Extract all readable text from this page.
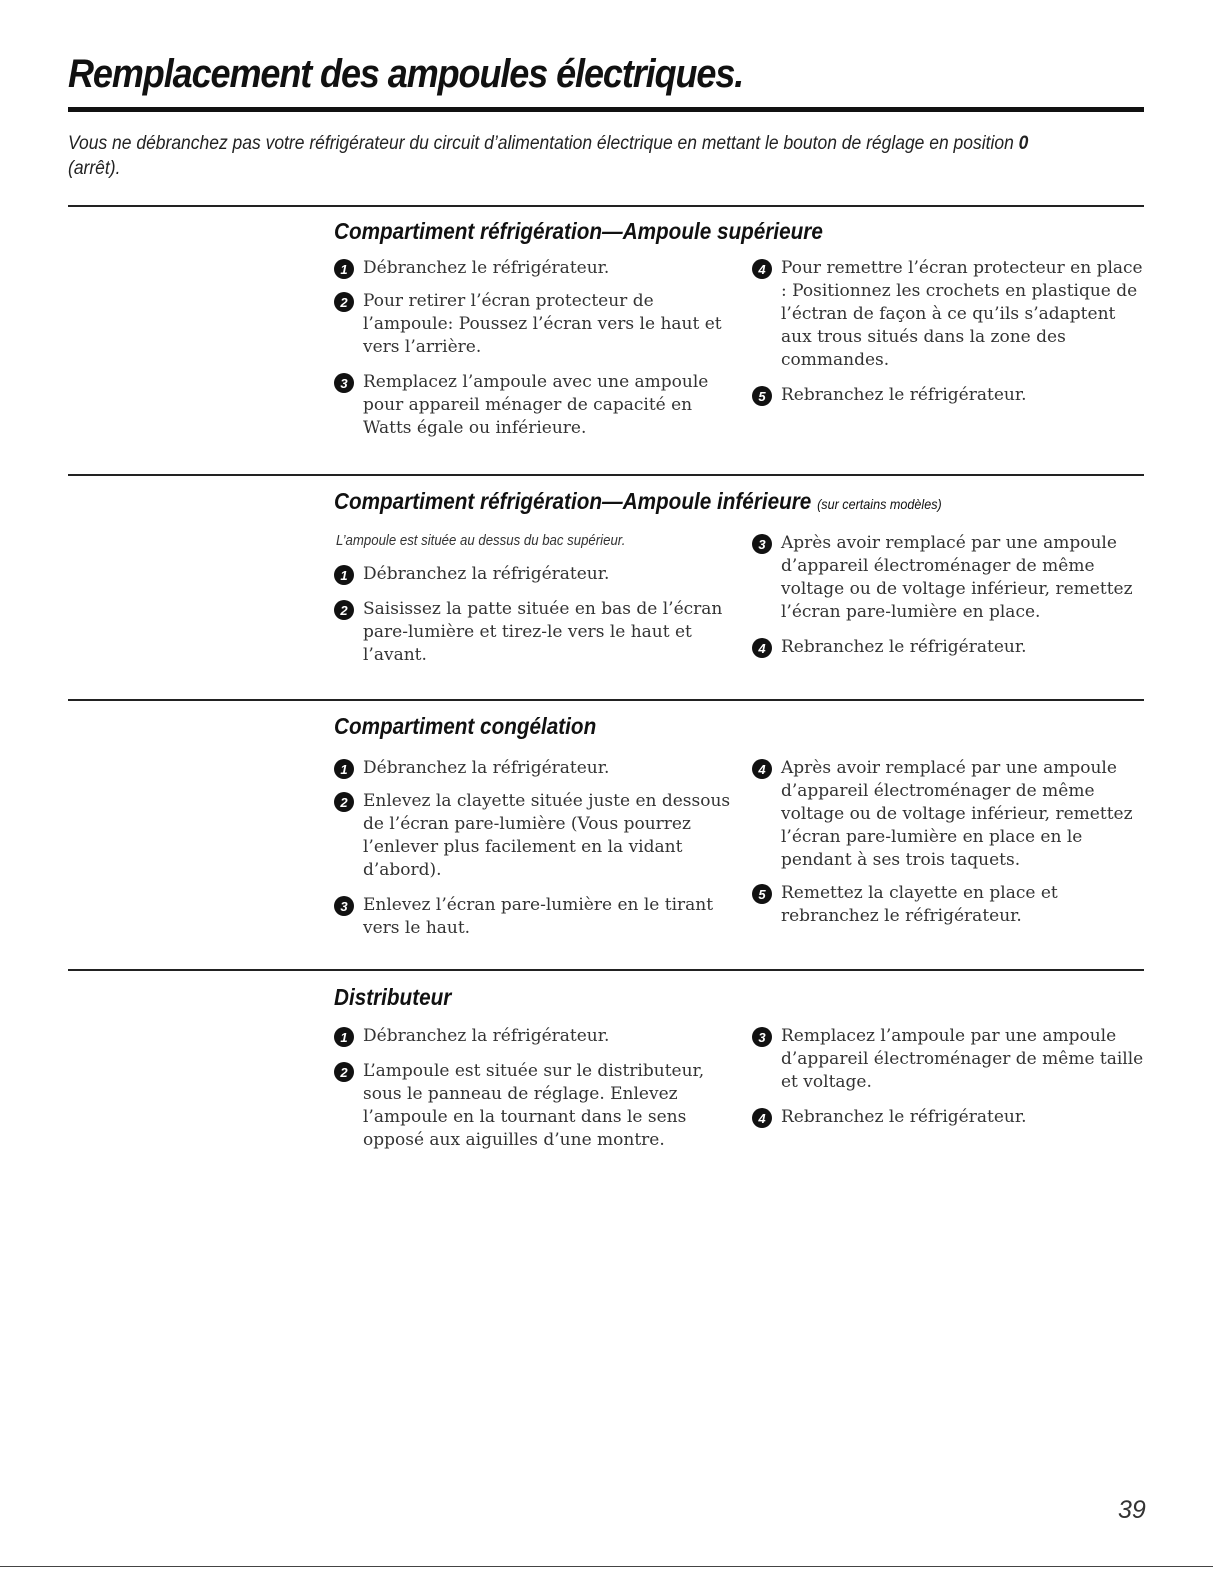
Remplacement des ampoules électriques.

Vous ne débranchez pas votre réfrigérateur du circuit d’alimentation électrique en mettant le bouton de réglage en position 0 (arrêt).

Compartiment réfrigération—Ampoule supérieure
1 Débranchez le réfrigérateur.
2 Pour retirer l’écran protecteur de l’ampoule: Poussez l’écran vers le haut et vers l’arrière.
3 Remplacez l’ampoule avec une ampoule pour appareil ménager de capacité en Watts égale ou inférieure.
4 Pour remettre l’écran protecteur en place : Positionnez les crochets en plastique de l’éctran de façon à ce qu’ils s’adaptent aux trous situés dans la zone des commandes.
5 Rebranchez le réfrigérateur.
Compartiment réfrigération—Ampoule inférieure (sur certains modèles)

L’ampoule est située au dessus du bac supérieur.

1 Débranchez la réfrigérateur.
2 Saisissez la patte située en bas de l’écran pare-lumière et tirez-le vers le haut et l’avant.
3 Après avoir remplacé par une ampoule d’appareil électroménager de même voltage ou de voltage inférieur, remettez l’écran pare-lumière en place.
4 Rebranchez le réfrigérateur.
Compartiment congélation
1 Débranchez la réfrigérateur.
2 Enlevez la clayette située juste en dessous de l’écran pare-lumière (Vous pourrez l’enlever plus facilement en la vidant d’abord).
3 Enlevez l’écran pare-lumière en le tirant vers le haut.
4 Après avoir remplacé par une ampoule d’appareil électroménager de même voltage ou de voltage inférieur, remettez l’écran pare-lumière en place en le pendant à ses trois taquets.
5 Remettez la clayette en place et rebranchez le réfrigérateur.
Distributeur
1 Débranchez la réfrigérateur.
2 L’ampoule est située sur le distributeur, sous le panneau de réglage. Enlevez l’ampoule en la tournant dans le sens opposé aux aiguilles d’une montre.
3 Remplacez l’ampoule par une ampoule d’appareil électroménager de même taille et voltage.
4 Rebranchez le réfrigérateur.
39
